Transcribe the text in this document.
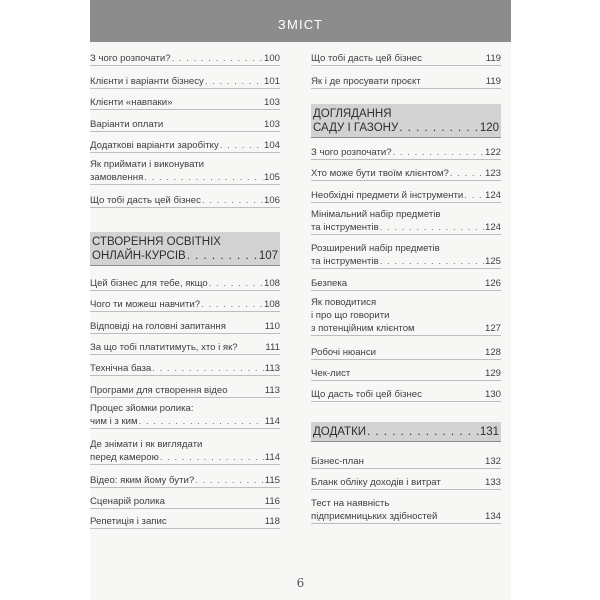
ЗМІСТ
З чого розпочати? . . .	100
Клієнти і варіанти бізнесу . . .	101
Клієнти «навпаки»	103
Варіанти оплати	103
Додаткові варіанти заробітку . . .	104
Як приймати і виконувати
замовлення . . .	105
Що тобі дасть цей бізнес . . .	106
СТВОРЕННЯ ОСВІТНІХ
ОНЛАЙН-КУРСІВ . . .	107
Цей бізнес для тебе, якщо . . .	108
Чого ти можеш навчити? . . .	108
Відповіді на головні запитання	110
За що тобі платитимуть, хто і як?	111
Технічна база . . .	113
Програми для створення відео	113
Процес зйомки ролика:
чим і з ким . . .	114
Де знімати і як виглядати
перед камерою . . .	114
Відео: яким йому бути? . . .	115
Сценарій ролика	116
Репетиція і запис	118
Що тобі дасть цей бізнес	119
Як і де просувати проєкт	119
ДОГЛЯДАННЯ
САДУ І ГАЗОНУ . . .	120
З чого розпочати? . . .	122
Хто може бути твоїм клієнтом? . . .	123
Необхідні предмети й інструменти . . . 124
Мінімальний набір предметів
та інструментів . . .	124
Розширений набір предметів
та інструментів . . .	125
Безпека	126
Як поводитися
і про що говорити
з потенційним клієнтом	127
Робочі нюанси	128
Чек-лист	129
Що дасть тобі цей бізнес	130
ДОДАТКИ . . .	131
Бізнес-план	132
Бланк обліку доходів і витрат	133
Тест на наявність
підприємницьких здібностей	134
6
